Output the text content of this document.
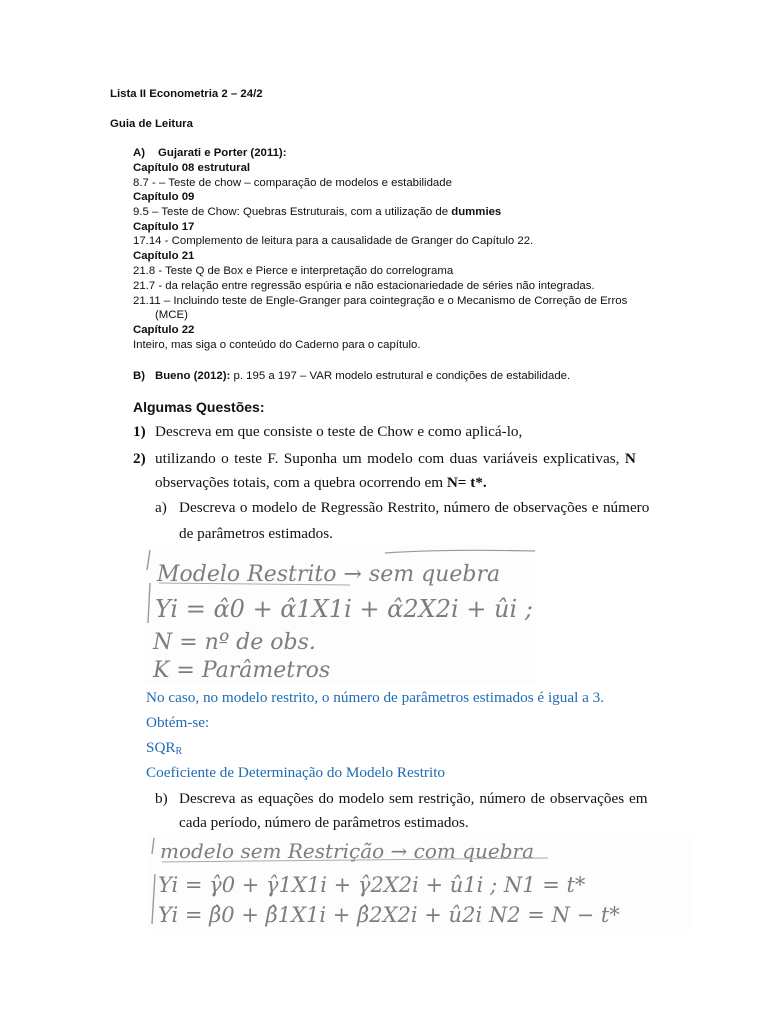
Lista II Econometria 2 – 24/2
Guia de Leitura
A) Gujarati e Porter (2011):
Capítulo 08 estrutural
8.7 - – Teste de chow – comparação de modelos e estabilidade
Capítulo 09
9.5 – Teste de Chow: Quebras Estruturais, com a utilização de dummies
Capítulo 17
17.14 - Complemento de leitura para a causalidade de Granger do Capítulo 22.
Capítulo 21
21.8 - Teste Q de Box e Pierce e interpretação do correlograma
21.7 - da relação entre regressão espúria e não estacionariedade de séries não integradas.
21.11 – Incluindo teste de Engle-Granger para cointegração e o Mecanismo de Correção de Erros
(MCE)
Capítulo 22
Inteiro, mas siga o conteúdo do Caderno para o capítulo.
B) Bueno (2012): p. 195 a 197 – VAR modelo estrutural e condições de estabilidade.
Algumas Questões:
1) Descreva em que consiste o teste de Chow e como aplicá-lo,
2) utilizando o teste F. Suponha um modelo com duas variáveis explicativas, N
observações totais, com a quebra ocorrendo em N= t*.
a) Descreva o modelo de Regressão Restrito, número de observações e número
de parâmetros estimados.
Modelo Restrito → sem quebra
Yi = α̂0 + α̂1X1i + α̂2X2i + ûi ;
N = nº de obs.
K = Parâmetros
No caso, no modelo restrito, o número de parâmetros estimados é igual a 3.
Obtém-se:
$SQR_R$
Coeficiente de Determinação do Modelo Restrito
b) Descreva as equações do modelo sem restrição, número de observações em
cada período, número de parâmetros estimados.
modelo sem Restrição → com quebra
Yi = γ̂0 + γ̂1X1i + γ̂2X2i + û1i ; N1 = t*
Yi = β̂0 + β̂1X1i + β̂2X2i + û2i N2 = N − t*
